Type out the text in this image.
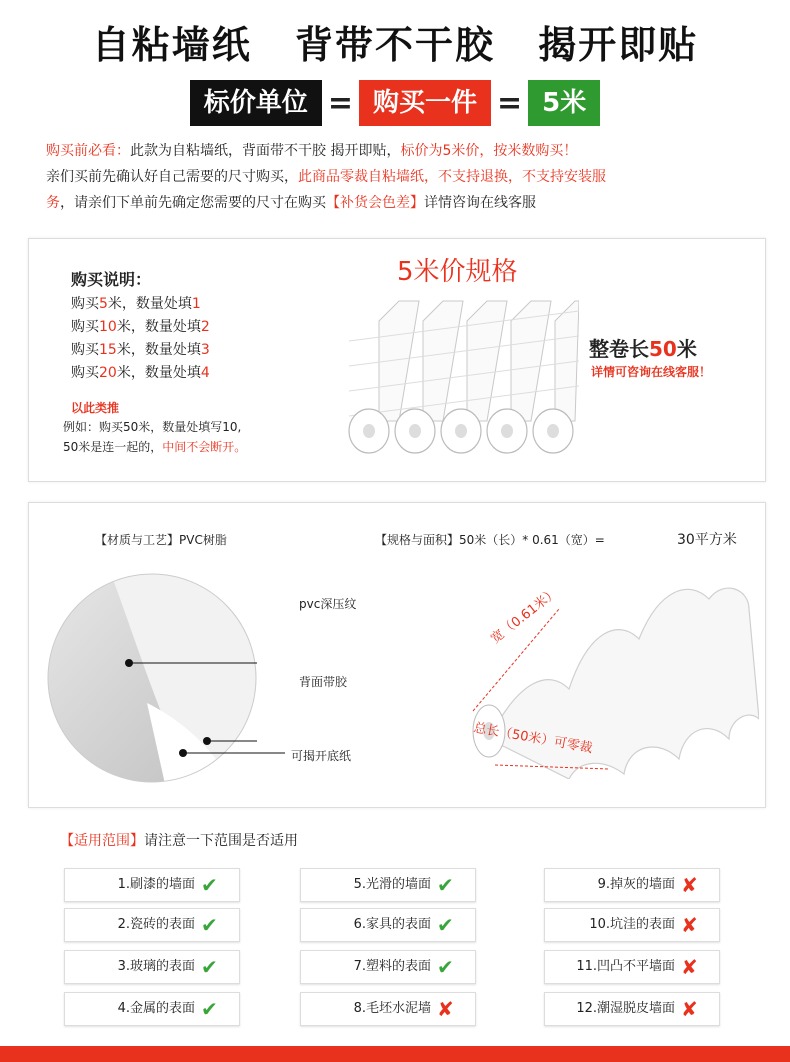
自粘墙纸 背带不干胶 揭开即贴
标价单位 = 购买一件 = 5米
购买前必看：此款为自粘墙纸，背面带不干胶 揭开即贴，标价为5米价，按米数购买！
亲们买前先确认好自己需要的尺寸购买，此商品零裁自粘墙纸，不支持退换，不支持安装服
务，请亲们下单前先确定您需要的尺寸在购买【补货会色差】详情咨询在线客服
购买说明：
购买5米，数量处填1
购买10米，数量处填2
购买15米，数量处填3
购买20米，数量处填4
以此类推
例如：购买50米，数量处填写10,
50米是连一起的，中间不会断开。
5米价规格
整卷长50米
详情可咨询在线客服！
【材质与工艺】PVC树脂	【规格与面积】50米（长）* 0.61（宽）=	30平方米
pvc深压纹
背面带胶
可揭开底纸
宽（0.61米）
总长（50米）可零裁
【适用范围】请注意一下范围是否适用
1.刷漆的墙面 ✔
2.瓷砖的表面 ✔
3.玻璃的表面 ✔
4.金属的表面 ✔
5.光滑的墙面 ✔
6.家具的表面 ✔
7.塑料的表面 ✔
8.毛坯水泥墙 ✘
9.掉灰的墙面 ✘
10.坑洼的表面 ✘
11.凹凸不平墙面 ✘
12.潮湿脱皮墙面 ✘
